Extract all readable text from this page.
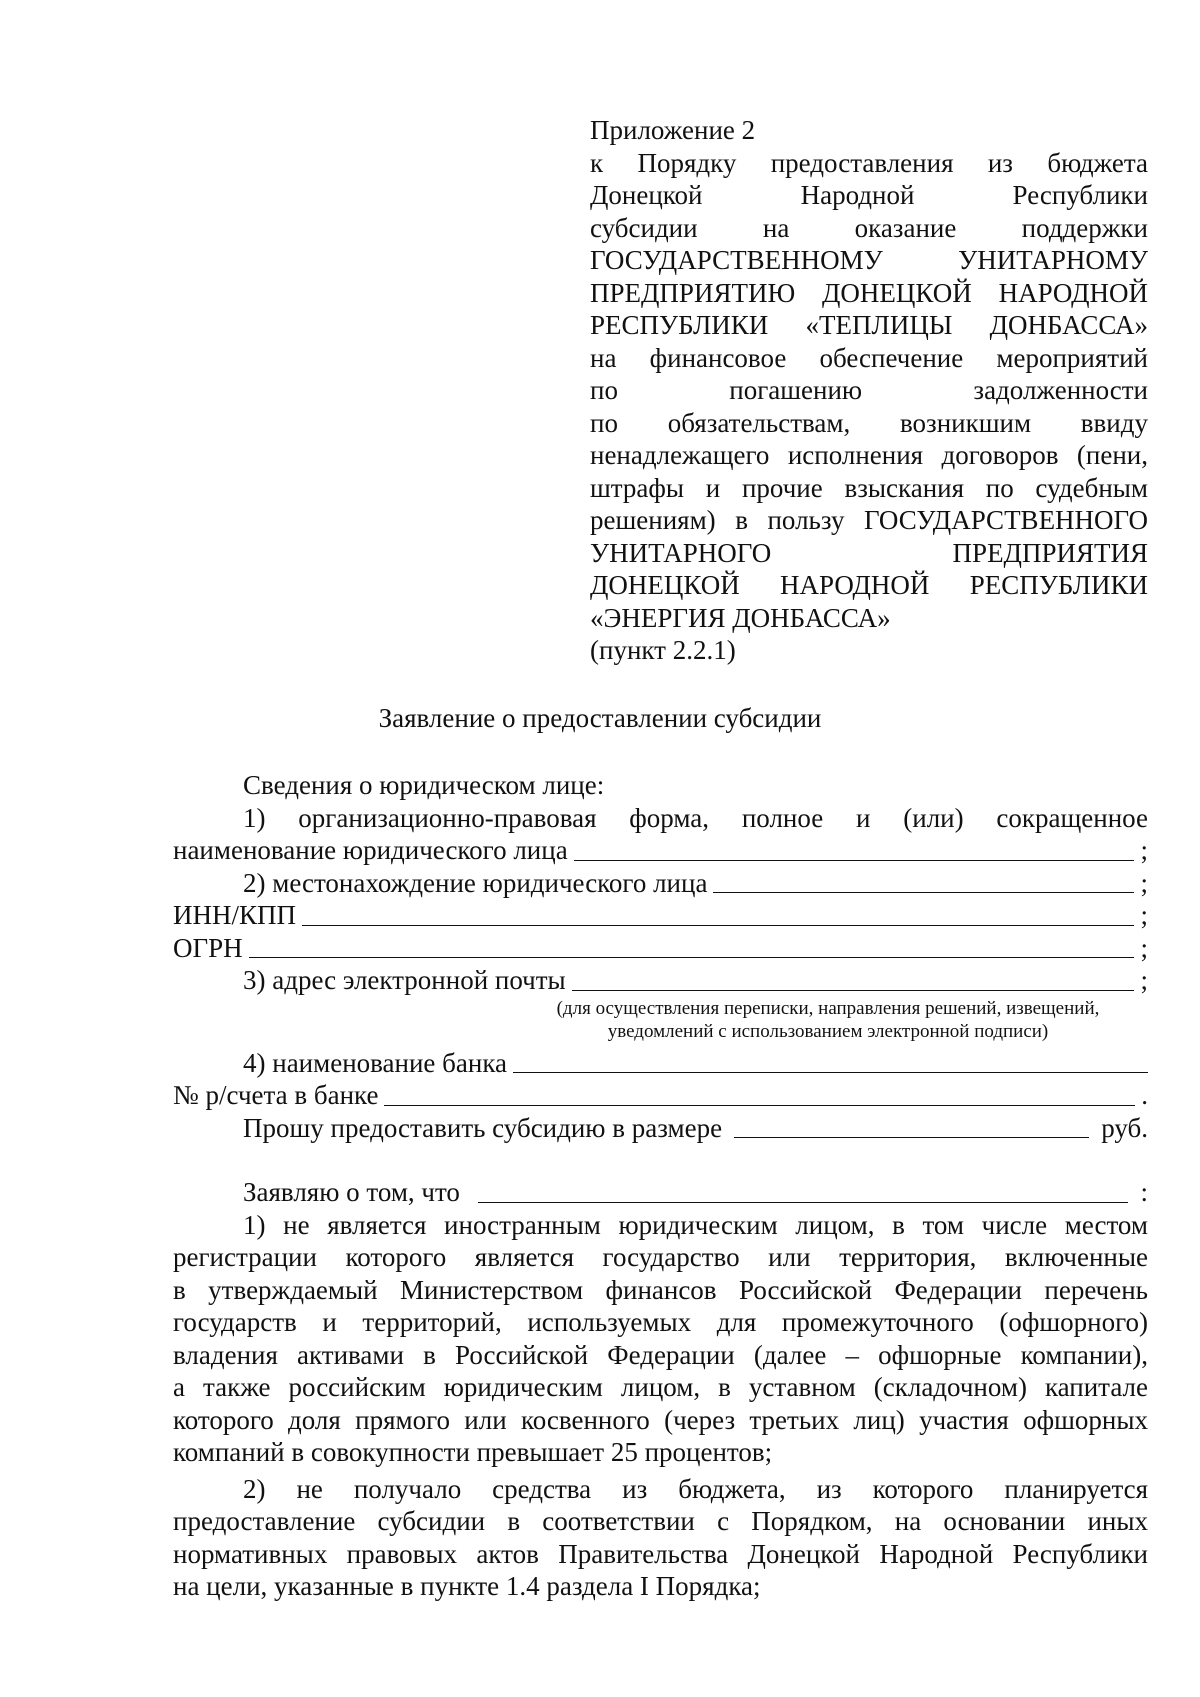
Приложение 2
к Порядку предоставления из бюджета
Донецкой Народной Республики
субсидии на оказание поддержки
ГОСУДАРСТВЕННОМУ УНИТАРНОМУ
ПРЕДПРИЯТИЮ ДОНЕЦКОЙ НАРОДНОЙ
РЕСПУБЛИКИ «ТЕПЛИЦЫ ДОНБАССА»
на финансовое обеспечение мероприятий
по погашению задолженности
по обязательствам, возникшим ввиду
ненадлежащего исполнения договоров (пени,
штрафы и прочие взыскания по судебным
решениям) в пользу ГОСУДАРСТВЕННОГО
УНИТАРНОГО ПРЕДПРИЯТИЯ
ДОНЕЦКОЙ НАРОДНОЙ РЕСПУБЛИКИ
«ЭНЕРГИЯ ДОНБАССА»
(пункт 2.2.1)
Заявление о предоставлении субсидии
Сведения о юридическом лице:
1) организационно-правовая форма, полное и (или) сокращенное
наименование юридического лица	;
2) местонахождение юридического лица	;
ИНН/КПП	;
ОГРН	;
3) адрес электронной почты	;
(для осуществления переписки, направления решений, извещений,
уведомлений с использованием электронной подписи)
4) наименование банка
№ р/счета в банке	.
Прошу предоставить субсидию в размере	руб.
Заявляю о том, что	:
1) не является иностранным юридическим лицом, в том числе местом
регистрации которого является государство или территория, включенные
в утверждаемый Министерством финансов Российской Федерации перечень
государств и территорий, используемых для промежуточного (офшорного)
владения активами в Российской Федерации (далее – офшорные компании),
а также российским юридическим лицом, в уставном (складочном) капитале
которого доля прямого или косвенного (через третьих лиц) участия офшорных
компаний в совокупности превышает 25 процентов;
2) не получало средства из бюджета, из которого планируется
предоставление субсидии в соответствии с Порядком, на основании иных
нормативных правовых актов Правительства Донецкой Народной Республики
на цели, указанные в пункте 1.4 раздела I Порядка;
